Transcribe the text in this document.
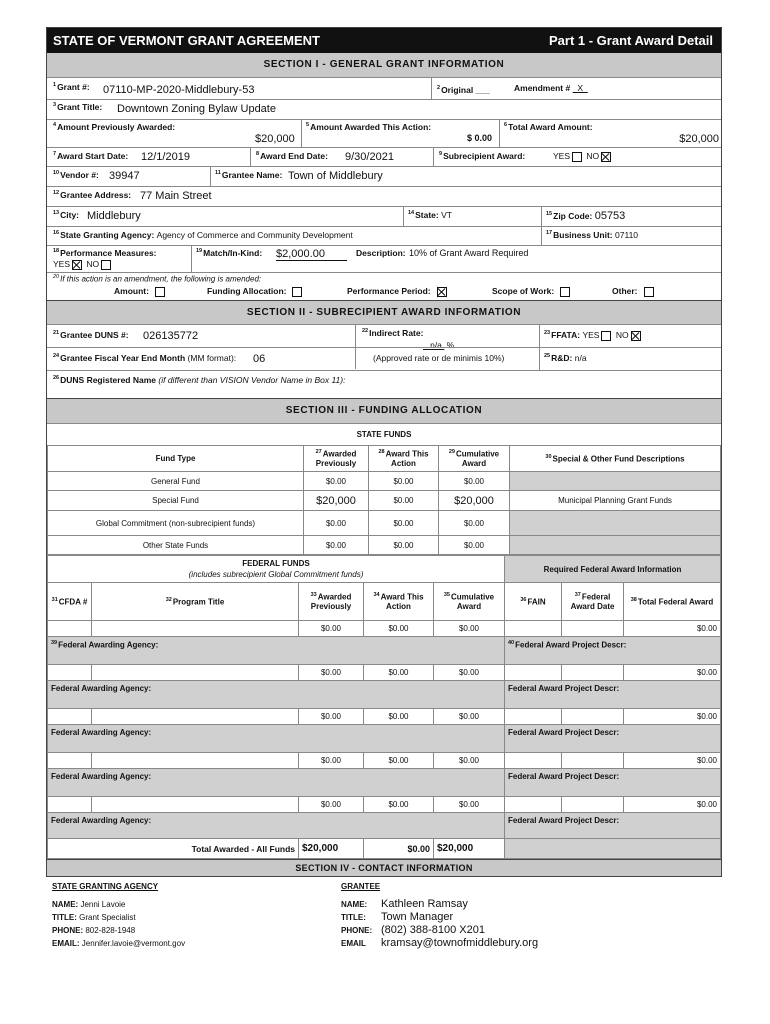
STATE OF VERMONT GRANT AGREEMENT	Part 1 - Grant Award Detail
SECTION I - GENERAL GRANT INFORMATION
$^1$Grant #: 07110-MP-2020-Middlebury-53	$^2$Original ___	Amendment # X
$^3$Grant Title: Downtown Zoning Bylaw Update
$^4$Amount Previously Awarded:
$20,000
$^5$Amount Awarded This Action:
$ 0.00
$^6$Total Award Amount:
$20,000
$^7$Award Start Date: 12/1/2019	$^8$Award End Date: 9/30/2021	$^9$Subrecipient Award:	YES NO
$^{10}$Vendor #: 39947	$^{11}$Grantee Name: Town of Middlebury
$^{12}$Grantee Address: 77 Main Street
$^{13}$City: Middlebury	$^{14}$State: VT	$^{15}$Zip Code: 05753
$^{16}$State Granting Agency: Agency of Commerce and Community Development	$^{17}$Business Unit: 07110
$^{18}$Performance Measures:
YES NO
$^{19}$Match/In-Kind: $2,000.00	Description: 10% of Grant Award Required
$^{20}$If this action is an amendment, the following is amended:
Amount:	Funding Allocation:	Performance Period:	Scope of Work:	Other:
SECTION II - SUBRECIPIENT AWARD INFORMATION
$^{21}$Grantee DUNS #: 026135772	$^{22}$Indirect Rate:
n/a %
$^{23}$FFATA: YES NO
$^{24}$Grantee Fiscal Year End Month (MM format): 06	(Approved rate or de minimis 10%)	$^{25}$R&D: n/a
$^{26}$DUNS Registered Name (if different than VISION Vendor Name in Box 11):
SECTION III - FUNDING ALLOCATION
STATE FUNDS
Fund Type	$^{27}$Awarded Previously	$^{28}$Award This Action	$^{29}$Cumulative Award	$^{30}$Special & Other Fund Descriptions
General Fund	$0.00	$0.00	$0.00	
Special Fund	$20,000	$0.00	$20,000	Municipal Planning Grant Funds
Global Commitment (non-subrecipient funds)	$0.00	$0.00	$0.00	
Other State Funds	$0.00	$0.00	$0.00	
FEDERAL FUNDS
(includes subrecipient Global Commitment funds)					Required Federal Award Information		
$^{31}$CFDA #	$^{32}$Program Title	$^{33}$Awarded Previously	$^{34}$Award This Action	$^{35}$Cumulative Award	$^{36}$FAIN	$^{37}$Federal Award Date	$^{38}$Total Federal Award
		$0.00	$0.00	$0.00			$0.00
$^{39}$Federal Awarding Agency:					$^{40}$Federal Award Project Descr:		
		$0.00	$0.00	$0.00			$0.00
Federal Awarding Agency:					Federal Award Project Descr:		
		$0.00	$0.00	$0.00			$0.00
Federal Awarding Agency:					Federal Award Project Descr:		
		$0.00	$0.00	$0.00			$0.00
Federal Awarding Agency:					Federal Award Project Descr:		
		$0.00	$0.00	$0.00			$0.00
Federal Awarding Agency:					Federal Award Project Descr:		
Total Awarded - All Funds		$20,000	$0.00	$20,000			
SECTION IV - CONTACT INFORMATION
STATE GRANTING AGENCY
NAME: Jenni Lavoie
TITLE: Grant Specialist
PHONE: 802-828-1948
EMAIL: Jennifer.lavoie@vermont.gov
GRANTEE
NAME: Kathleen Ramsay
TITLE: Town Manager
PHONE: (802) 388-8100 X201
EMAIL kramsay@townofmiddlebury.org
